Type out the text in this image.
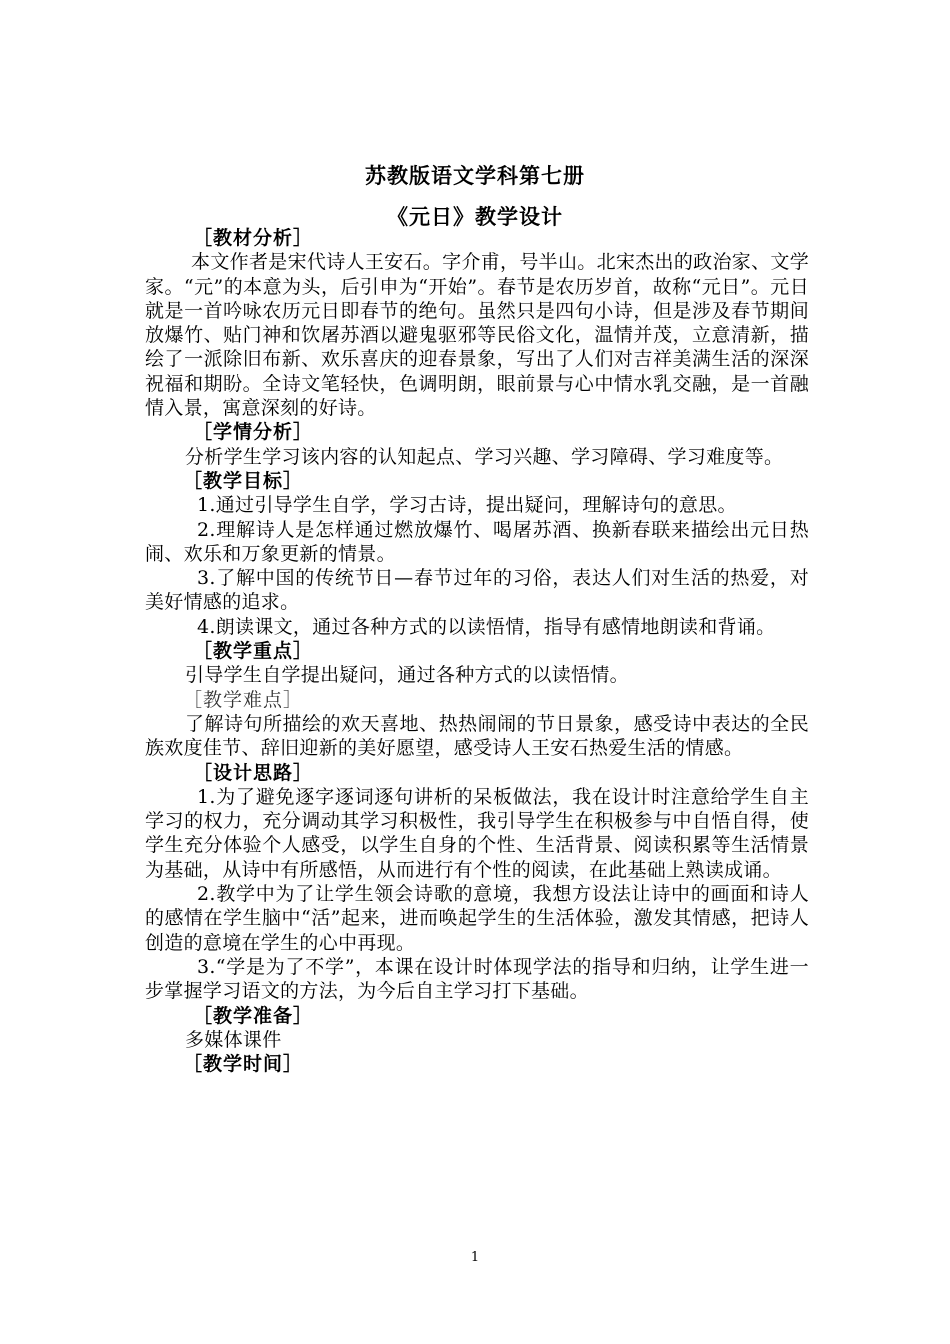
苏教版语文学科第七册
《元日》教学设计
［教材分析］
本文作者是宋代诗人王安石。字介甫，号半山。北宋杰出的政治家、文学家。“元”的本意为头，后引申为“开始”。春节是农历岁首，故称“元日”。元日就是一首吟咏农历元日即春节的绝句。虽然只是四句小诗，但是涉及春节期间放爆竹、贴门神和饮屠苏酒以避鬼驱邪等民俗文化，温情并茂，立意清新，描绘了一派除旧布新、欢乐喜庆的迎春景象，写出了人们对吉祥美满生活的深深祝福和期盼。全诗文笔轻快，色调明朗，眼前景与心中情水乳交融，是一首融情入景，寓意深刻的好诗。
［学情分析］
分析学生学习该内容的认知起点、学习兴趣、学习障碍、学习难度等。
［教学目标］
1.通过引导学生自学，学习古诗，提出疑问，理解诗句的意思。
2.理解诗人是怎样通过燃放爆竹、喝屠苏酒、换新春联来描绘出元日热闹、欢乐和万象更新的情景。
3.了解中国的传统节日—春节过年的习俗，表达人们对生活的热爱，对美好情感的追求。
4.朗读课文，通过各种方式的以读悟情，指导有感情地朗读和背诵。
［教学重点］
引导学生自学提出疑问，通过各种方式的以读悟情。
［教学难点］
了解诗句所描绘的欢天喜地、热热闹闹的节日景象，感受诗中表达的全民族欢度佳节、辞旧迎新的美好愿望，感受诗人王安石热爱生活的情感。
［设计思路］
1.为了避免逐字逐词逐句讲析的呆板做法，我在设计时注意给学生自主学习的权力，充分调动其学习积极性，我引导学生在积极参与中自悟自得，使学生充分体验个人感受，以学生自身的个性、生活背景、阅读积累等生活情景为基础，从诗中有所感悟，从而进行有个性的阅读，在此基础上熟读成诵。
2.教学中为了让学生领会诗歌的意境，我想方设法让诗中的画面和诗人的感情在学生脑中“活”起来，进而唤起学生的生活体验，激发其情感，把诗人创造的意境在学生的心中再现。
3.“学是为了不学”，本课在设计时体现学法的指导和归纳，让学生进一步掌握学习语文的方法，为今后自主学习打下基础。
［教学准备］
多媒体课件
［教学时间］
1
